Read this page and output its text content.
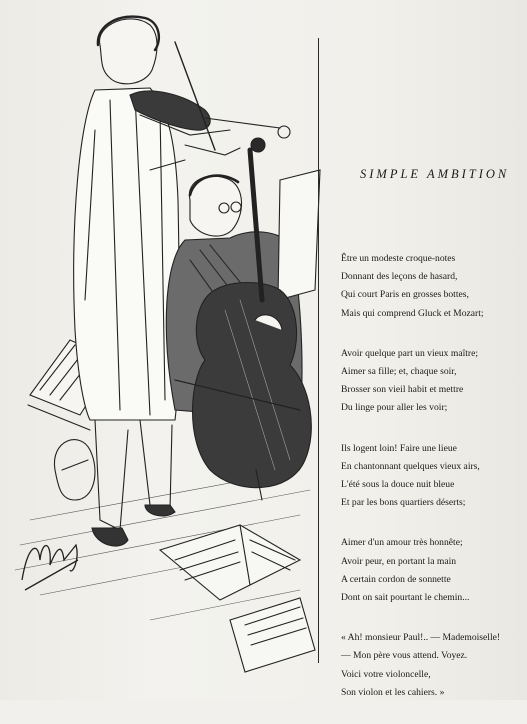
SIMPLE AMBITION
Être un modeste croque-notes
Donnant des leçons de hasard,
Qui court Paris en grosses bottes,
Mais qui comprend Gluck et Mozart;
Avoir quelque part un vieux maître;
Aimer sa fille; et, chaque soir,
Brosser son vieil habit et mettre
Du linge pour aller les voir;
Ils logent loin! Faire une lieue
En chantonnant quelques vieux airs,
L'été sous la douce nuit bleue
Et par les bons quartiers déserts;
Aimer d'un amour très honnête;
Avoir peur, en portant la main
A certain cordon de sonnette
Dont on sait pourtant le chemin...
« Ah! monsieur Paul!.. — Mademoiselle!
— Mon père vous attend. Voyez.
Voici votre violoncelle,
Son violon et les cahiers. »
